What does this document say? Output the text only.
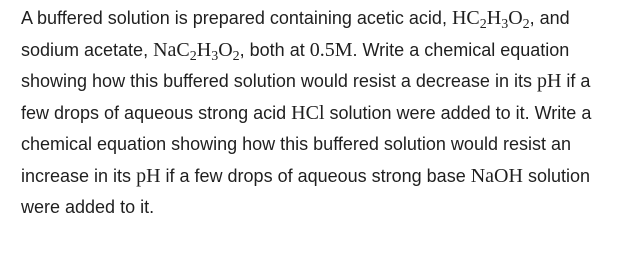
A buffered solution is prepared containing acetic acid, $HC_2H_3O_2$, and sodium acetate, $NaC_2H_3O_2$, both at 0.5M. Write a chemical equation showing how this buffered solution would resist a decrease in its pH if a few drops of aqueous strong acid HCl solution were added to it. Write a chemical equation showing how this buffered solution would resist an increase in its pH if a few drops of aqueous strong base NaOH solution were added to it.
